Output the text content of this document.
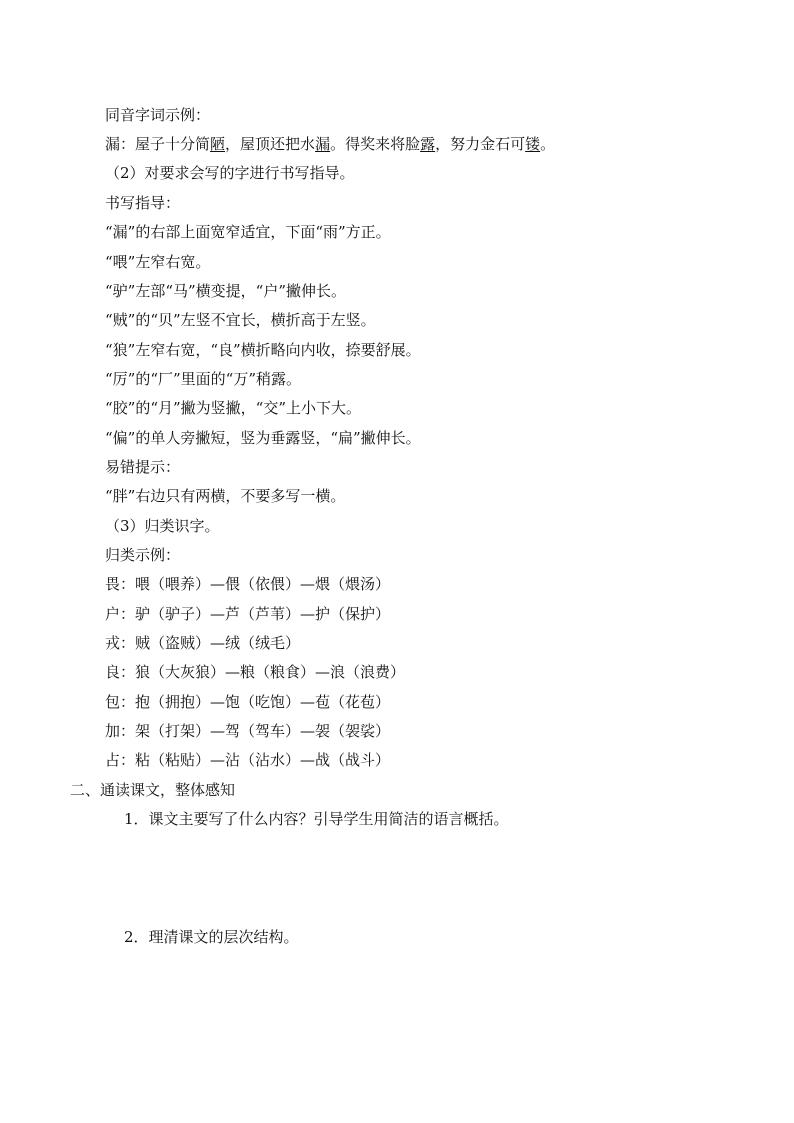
同音字词示例：
漏：屋子十分简陋，屋顶还把水漏。得奖来将脸露，努力金石可镂。
（2）对要求会写的字进行书写指导。
书写指导：
“漏”的右部上面宽窄适宜，下面“雨”方正。
“喂”左窄右宽。
“驴”左部“马”横变提，“户”撇伸长。
“贼”的“贝”左竖不宜长，横折高于左竖。
“狼”左窄右宽，“良”横折略向内收，捺要舒展。
“厉”的“厂”里面的“万”稍露。
“胶”的“月”撇为竖撇，“交”上小下大。
“偏”的单人旁撇短，竖为垂露竖，“扁”撇伸长。
易错提示：
“胖”右边只有两横，不要多写一横。
（3）归类识字。
归类示例：
畏：喂（喂养）—偎（依偎）—煨（煨汤）
户：驴（驴子）—芦（芦苇）—护（保护）
戎：贼（盗贼）—绒（绒毛）
良：狼（大灰狼）—粮（粮食）—浪（浪费）
包：抱（拥抱）—饱（吃饱）—苞（花苞）
加：架（打架）—驾（驾车）—袈（袈裟）
占：粘（粘贴）—沾（沾水）—战（战斗）
二、通读课文，整体感知
1．课文主要写了什么内容？引导学生用简洁的语言概括。
2．理清课文的层次结构。
